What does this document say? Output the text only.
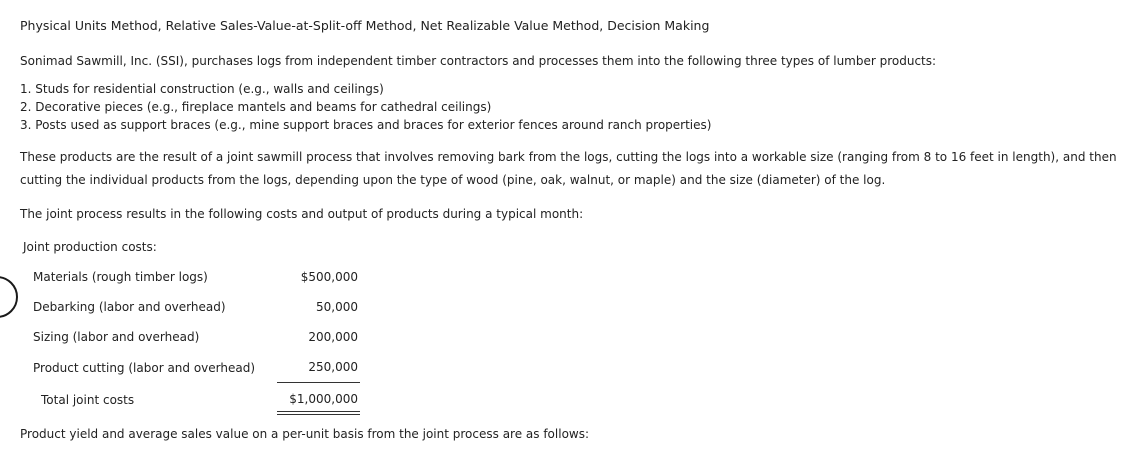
Physical Units Method, Relative Sales-Value-at-Split-off Method, Net Realizable Value Method, Decision Making
Sonimad Sawmill, Inc. (SSI), purchases logs from independent timber contractors and processes them into the following three types of lumber products:
1. Studs for residential construction (e.g., walls and ceilings)
2. Decorative pieces (e.g., fireplace mantels and beams for cathedral ceilings)
3. Posts used as support braces (e.g., mine support braces and braces for exterior fences around ranch properties)
These products are the result of a joint sawmill process that involves removing bark from the logs, cutting the logs into a workable size (ranging from 8 to 16 feet in length), and then
cutting the individual products from the logs, depending upon the type of wood (pine, oak, walnut, or maple) and the size (diameter) of the log.
The joint process results in the following costs and output of products during a typical month:
Joint production costs:
Materials (rough timber logs)	$500,000
Debarking (labor and overhead)	50,000
Sizing (labor and overhead)	200,000
Product cutting (labor and overhead)	250,000
Total joint costs	$1,000,000
Product yield and average sales value on a per-unit basis from the joint process are as follows:
